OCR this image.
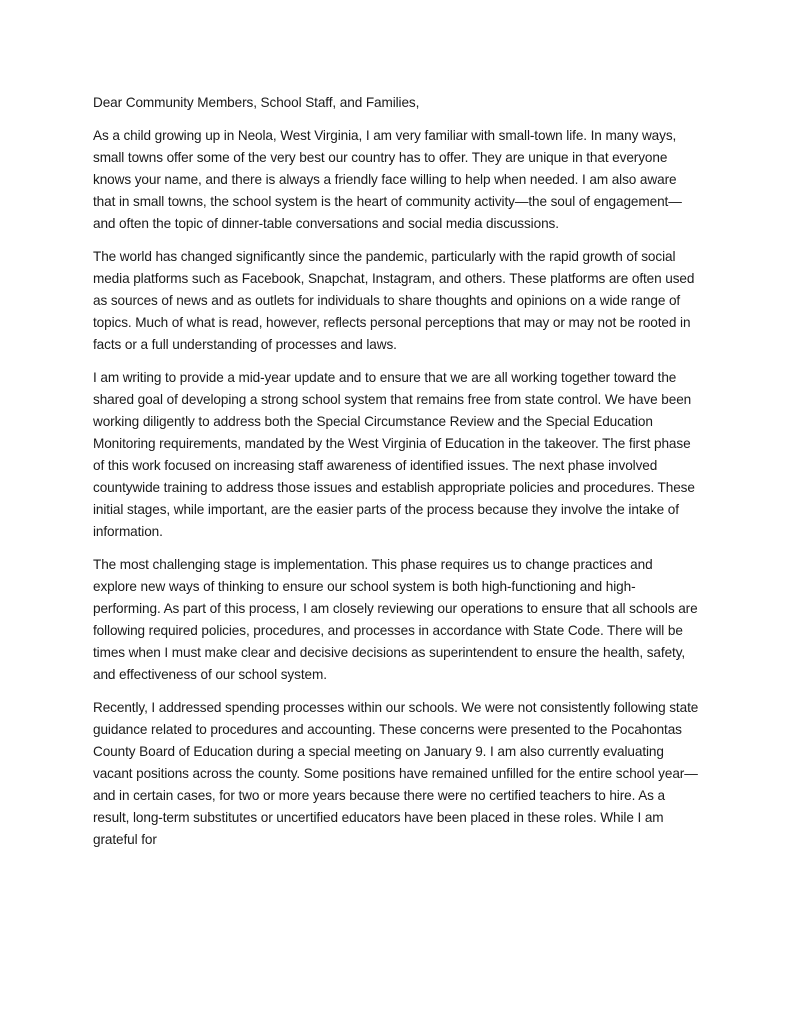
Dear Community Members, School Staff, and Families,

As a child growing up in Neola, West Virginia, I am very familiar with small-town life. In many ways, small towns offer some of the very best our country has to offer. They are unique in that everyone knows your name, and there is always a friendly face willing to help when needed. I am also aware that in small towns, the school system is the heart of community activity—the soul of engagement—and often the topic of dinner-table conversations and social media discussions.

The world has changed significantly since the pandemic, particularly with the rapid growth of social media platforms such as Facebook, Snapchat, Instagram, and others. These platforms are often used as sources of news and as outlets for individuals to share thoughts and opinions on a wide range of topics. Much of what is read, however, reflects personal perceptions that may or may not be rooted in facts or a full understanding of processes and laws.

I am writing to provide a mid-year update and to ensure that we are all working together toward the shared goal of developing a strong school system that remains free from state control. We have been working diligently to address both the Special Circumstance Review and the Special Education Monitoring requirements, mandated by the West Virginia of Education in the takeover. The first phase of this work focused on increasing staff awareness of identified issues. The next phase involved countywide training to address those issues and establish appropriate policies and procedures. These initial stages, while important, are the easier parts of the process because they involve the intake of information.

The most challenging stage is implementation. This phase requires us to change practices and explore new ways of thinking to ensure our school system is both high-functioning and high-performing. As part of this process, I am closely reviewing our operations to ensure that all schools are following required policies, procedures, and processes in accordance with State Code. There will be times when I must make clear and decisive decisions as superintendent to ensure the health, safety, and effectiveness of our school system.

Recently, I addressed spending processes within our schools. We were not consistently following state guidance related to procedures and accounting. These concerns were presented to the Pocahontas County Board of Education during a special meeting on January 9. I am also currently evaluating vacant positions across the county. Some positions have remained unfilled for the entire school year—and in certain cases, for two or more years because there were no certified teachers to hire. As a result, long-term substitutes or uncertified educators have been placed in these roles. While I am grateful for
